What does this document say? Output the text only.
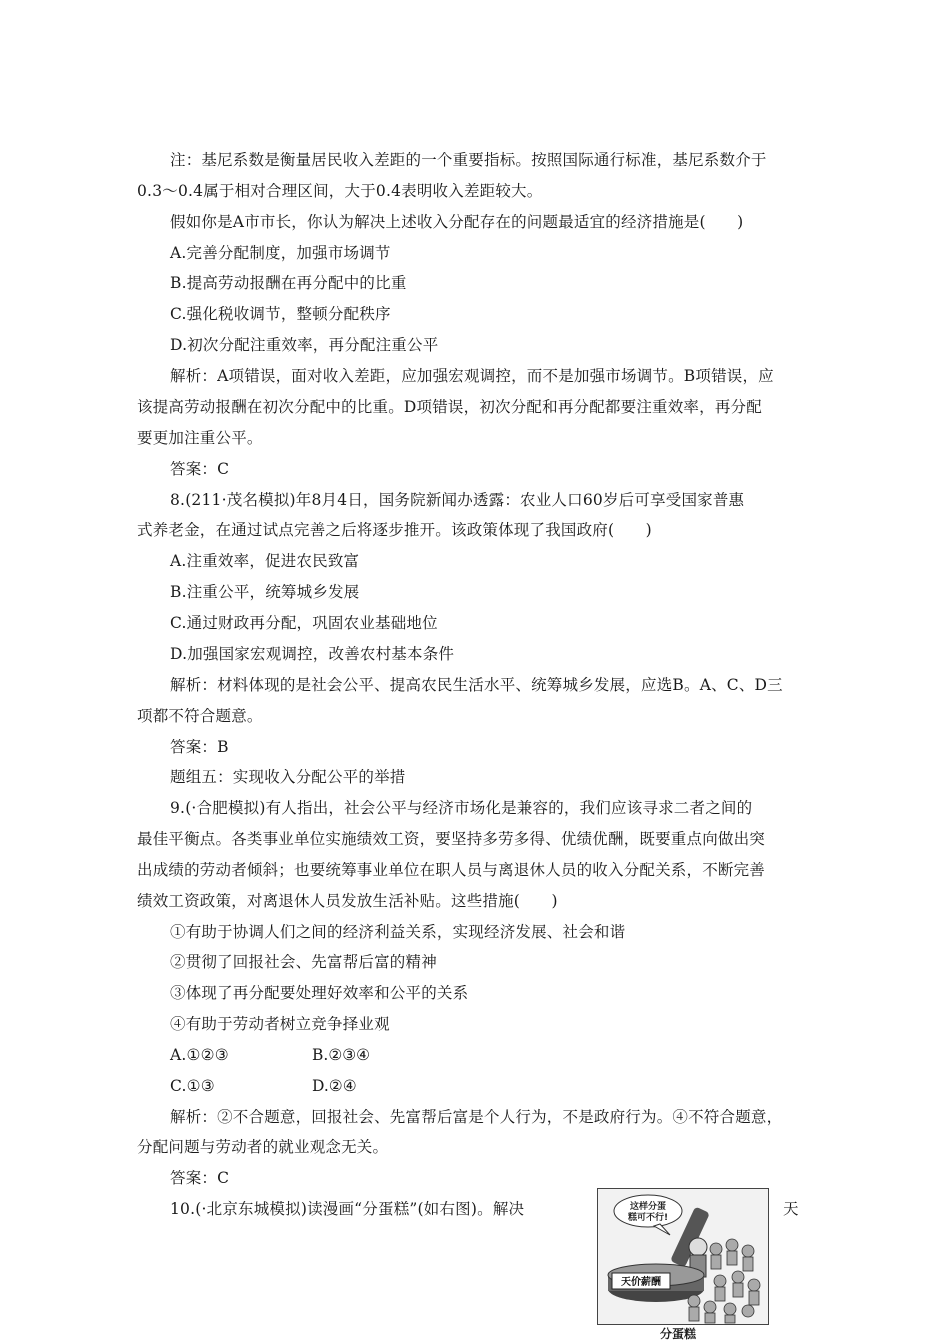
注：基尼系数是衡量居民收入差距的一个重要指标。按照国际通行标准，基尼系数介于
0.3～0.4属于相对合理区间，大于0.4表明收入差距较大。
假如你是A市市长，你认为解决上述收入分配存在的问题最适宜的经济措施是(　　)
A.完善分配制度，加强市场调节
B.提高劳动报酬在再分配中的比重
C.强化税收调节，整顿分配秩序
D.初次分配注重效率，再分配注重公平
解析：A项错误，面对收入差距，应加强宏观调控，而不是加强市场调节。B项错误，应
该提高劳动报酬在初次分配中的比重。D项错误，初次分配和再分配都要注重效率，再分配
要更加注重公平。
答案：C
8.(211·茂名模拟)年8月4日，国务院新闻办透露：农业人口60岁后可享受国家普惠
式养老金，在通过试点完善之后将逐步推开。该政策体现了我国政府(　　)
A.注重效率，促进农民致富
B.注重公平，统筹城乡发展
C.通过财政再分配，巩固农业基础地位
D.加强国家宏观调控，改善农村基本条件
解析：材料体现的是社会公平、提高农民生活水平、统筹城乡发展，应选B。A、C、D三
项都不符合题意。
答案：B
题组五：实现收入分配公平的举措
9.(·合肥模拟)有人指出，社会公平与经济市场化是兼容的，我们应该寻求二者之间的
最佳平衡点。各类事业单位实施绩效工资，要坚持多劳多得、优绩优酬，既要重点向做出突
出成绩的劳动者倾斜；也要统筹事业单位在职人员与离退休人员的收入分配关系，不断完善
绩效工资政策，对离退休人员发放生活补贴。这些措施(　　)
①有助于协调人们之间的经济利益关系，实现经济发展、社会和谐
②贯彻了回报社会、先富帮后富的精神
③体现了再分配要处理好效率和公平的关系
④有助于劳动者树立竞争择业观
A.①②③	B.②③④
C.①③	D.②④
解析：②不合题意，回报社会、先富帮后富是个人行为，不是政府行为。④不符合题意，
分配问题与劳动者的就业观念无关。
答案：C
10.(·北京东城模拟)读漫画“分蛋糕”(如右图)。解决	天
这样分蛋
糕可不行!
天价薪酬
分蛋糕
